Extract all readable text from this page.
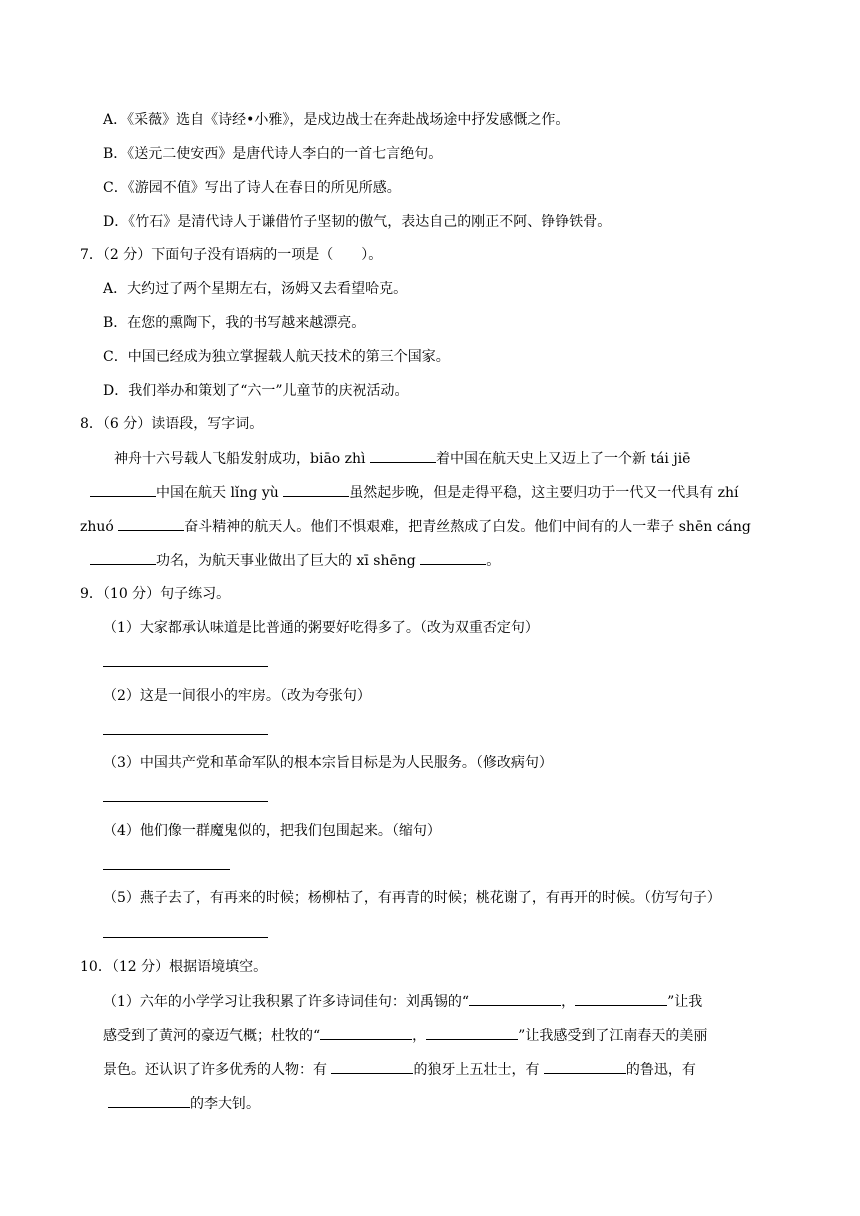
A．《采薇》选自《诗经•小雅》，是戍边战士在奔赴战场途中抒发感慨之作。
B．《送元二使安西》是唐代诗人李白的一首七言绝句。
C．《游园不值》写出了诗人在春日的所见所感。
D．《竹石》是清代诗人于谦借竹子坚韧的傲气，表达自己的刚正不阿、铮铮铁骨。
7．（2 分）下面句子没有语病的一项是（　　）。
A．大约过了两个星期左右，汤姆又去看望哈克。
B．在您的熏陶下，我的书写越来越漂亮。
C．中国已经成为独立掌握载人航天技术的第三个国家。
D．我们举办和策划了“六一”儿童节的庆祝活动。
8．（6 分）读语段，写字词。
神舟十六号载人飞船发射成功，biāo zhì	着中国在航天史上又迈上了一个新 tái jiē
中国在航天 lǐng yù	虽然起步晚，但是走得平稳，这主要归功于一代又一代具有 zhí
zhuó	奋斗精神的航天人。他们不惧艰难，把青丝熬成了白发。他们中间有的人一辈子 shēn cáng
功名，为航天事业做出了巨大的 xī shēng	。
9．（10 分）句子练习。
（1）大家都承认味道是比普通的粥要好吃得多了。（改为双重否定句）
（2）这是一间很小的牢房。（改为夸张句）
（3）中国共产党和革命军队的根本宗旨目标是为人民服务。（修改病句）
（4）他们像一群魔鬼似的，把我们包围起来。（缩句）
（5）燕子去了，有再来的时候；杨柳枯了，有再青的时候；桃花谢了，有再开的时候。（仿写句子）
10．（12 分）根据语境填空。
（1）六年的小学学习让我积累了许多诗词佳句：刘禹锡的“	，	”让我
感受到了黄河的豪迈气概；杜牧的“	，	”让我感受到了江南春天的美丽
景色。还认识了许多优秀的人物：有	的狼牙上五壮士，有	的鲁迅，有
的李大钊。
